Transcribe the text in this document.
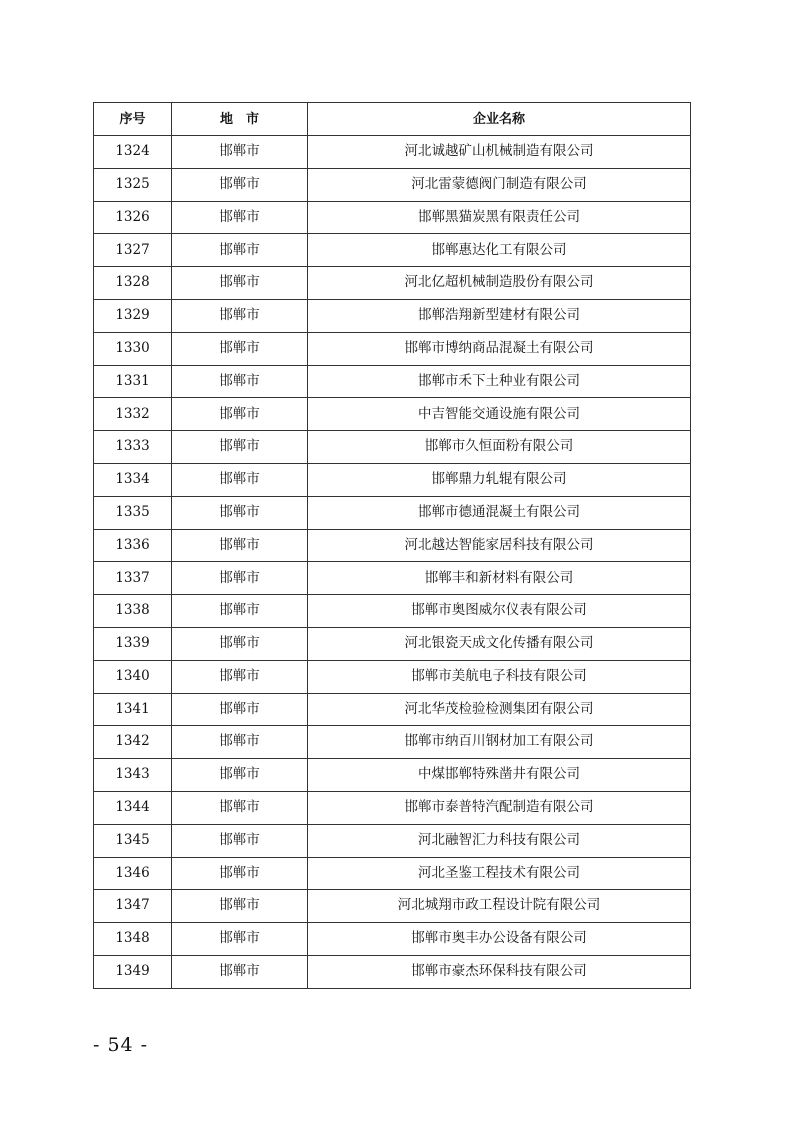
序号	地　市	企业名称
1324	邯郸市	河北诚越矿山机械制造有限公司
1325	邯郸市	河北雷蒙德阀门制造有限公司
1326	邯郸市	邯郸黑猫炭黑有限责任公司
1327	邯郸市	邯郸惠达化工有限公司
1328	邯郸市	河北亿超机械制造股份有限公司
1329	邯郸市	邯郸浩翔新型建材有限公司
1330	邯郸市	邯郸市博纳商品混凝土有限公司
1331	邯郸市	邯郸市禾下土种业有限公司
1332	邯郸市	中吉智能交通设施有限公司
1333	邯郸市	邯郸市久恒面粉有限公司
1334	邯郸市	邯郸鼎力轧辊有限公司
1335	邯郸市	邯郸市德通混凝土有限公司
1336	邯郸市	河北越达智能家居科技有限公司
1337	邯郸市	邯郸丰和新材料有限公司
1338	邯郸市	邯郸市奥图威尔仪表有限公司
1339	邯郸市	河北银瓷天成文化传播有限公司
1340	邯郸市	邯郸市美航电子科技有限公司
1341	邯郸市	河北华茂检验检测集团有限公司
1342	邯郸市	邯郸市纳百川钢材加工有限公司
1343	邯郸市	中煤邯郸特殊凿井有限公司
1344	邯郸市	邯郸市泰普特汽配制造有限公司
1345	邯郸市	河北融智汇力科技有限公司
1346	邯郸市	河北圣鉴工程技术有限公司
1347	邯郸市	河北城翔市政工程设计院有限公司
1348	邯郸市	邯郸市奥丰办公设备有限公司
1349	邯郸市	邯郸市豪杰环保科技有限公司
- 54 -
